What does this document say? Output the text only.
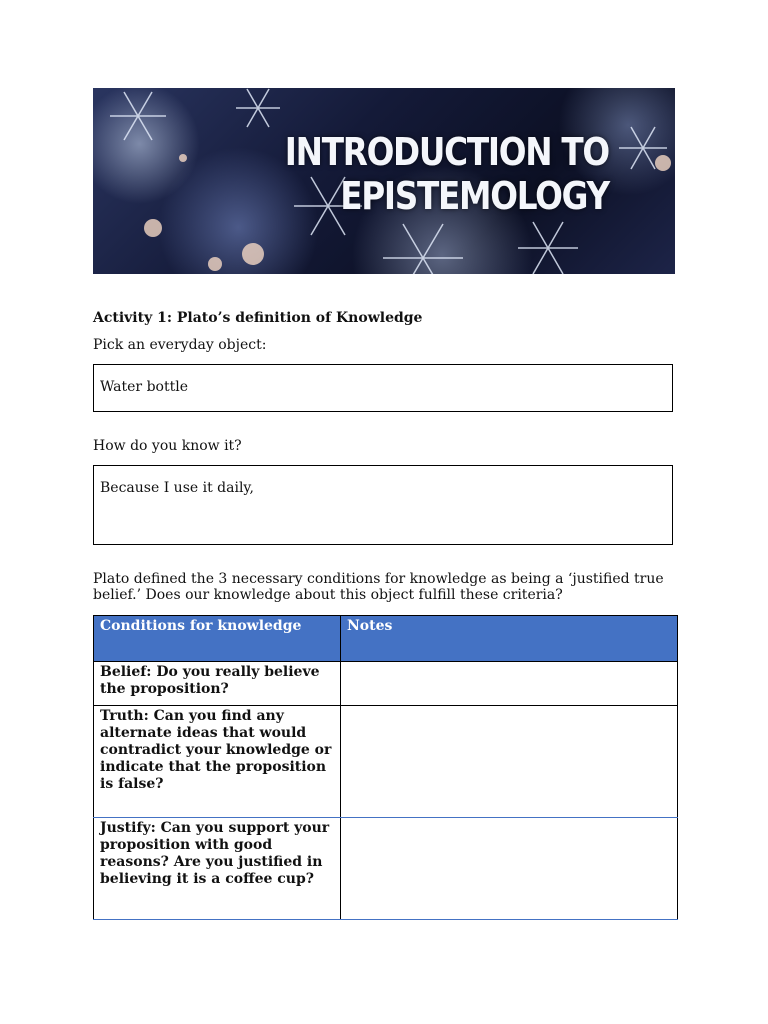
INTRODUCTION TO
EPISTEMOLOGY
Activity 1: Plato’s definition of Knowledge
Pick an everyday object:
Water bottle
How do you know it?
Because I use it daily,
Plato defined the 3 necessary conditions for knowledge as being a ‘justified true belief.’ Does our knowledge about this object fulfill these criteria?
Conditions for knowledge	Notes
Belief: Do you really believe the proposition?	
Truth: Can you find any alternate ideas that would contradict your knowledge or indicate that the proposition is false?	
Justify: Can you support your proposition with good reasons? Are you justified in believing it is a coffee cup?	
